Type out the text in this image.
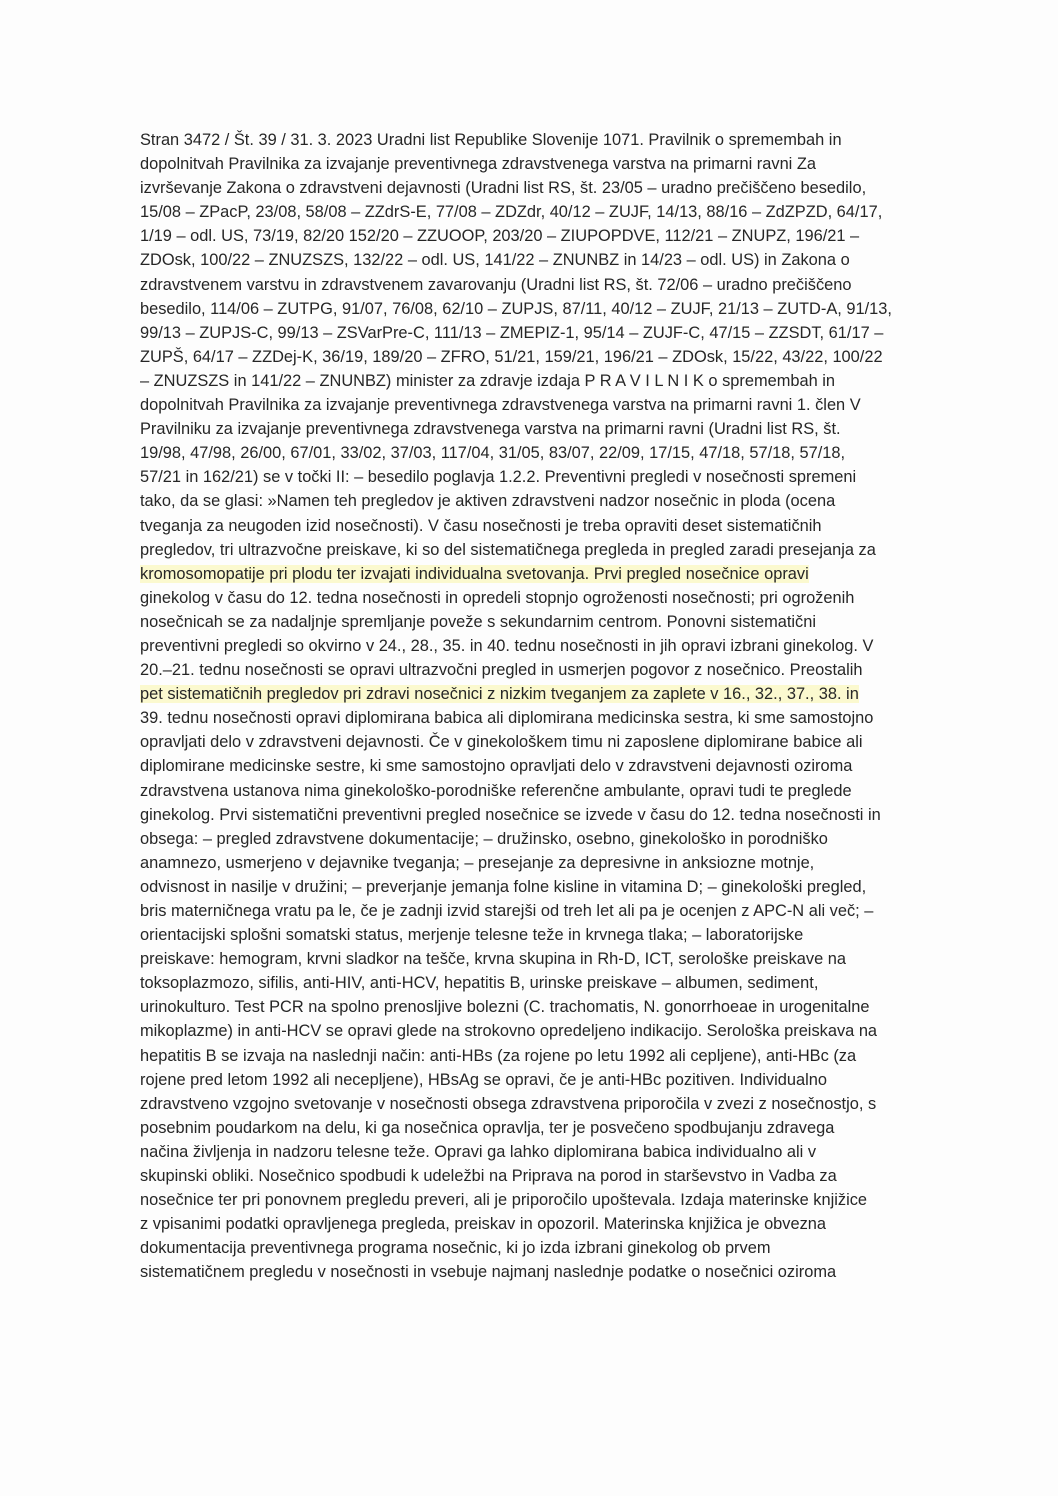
Stran 3472 / Št. 39 / 31. 3. 2023 Uradni list Republike Slovenije 1071. Pravilnik o spremembah in
dopolnitvah Pravilnika za izvajanje preventivnega zdravstvenega varstva na primarni ravni Za
izvrševanje Zakona o zdravstveni dejavnosti (Uradni list RS, št. 23/05 – uradno prečiščeno besedilo,
15/08 – ZPacP, 23/08, 58/08 – ZZdrS-E, 77/08 – ZDZdr, 40/12 – ZUJF, 14/13, 88/16 – ZdZPZD, 64/17,
1/19 – odl. US, 73/19, 82/20 152/20 – ZZUOOP, 203/20 – ZIUPOPDVE, 112/21 – ZNUPZ, 196/21 –
ZDOsk, 100/22 – ZNUZSZS, 132/22 – odl. US, 141/22 – ZNUNBZ in 14/23 – odl. US) in Zakona o
zdravstvenem varstvu in zdravstvenem zavarovanju (Uradni list RS, št. 72/06 – uradno prečiščeno
besedilo, 114/06 – ZUTPG, 91/07, 76/08, 62/10 – ZUPJS, 87/11, 40/12 – ZUJF, 21/13 – ZUTD-A, 91/13,
99/13 – ZUPJS-C, 99/13 – ZSVarPre-C, 111/13 – ZMEPIZ-1, 95/14 – ZUJF-C, 47/15 – ZZSDT, 61/17 –
ZUPŠ, 64/17 – ZZDej-K, 36/19, 189/20 – ZFRO, 51/21, 159/21, 196/21 – ZDOsk, 15/22, 43/22, 100/22
– ZNUZSZS in 141/22 – ZNUNBZ) minister za zdravje izdaja P R A V I L N I K o spremembah in
dopolnitvah Pravilnika za izvajanje preventivnega zdravstvenega varstva na primarni ravni 1. člen V
Pravilniku za izvajanje preventivnega zdravstvenega varstva na primarni ravni (Uradni list RS, št.
19/98, 47/98, 26/00, 67/01, 33/02, 37/03, 117/04, 31/05, 83/07, 22/09, 17/15, 47/18, 57/18, 57/18,
57/21 in 162/21) se v točki II: – besedilo poglavja 1.2.2. Preventivni pregledi v nosečnosti spremeni
tako, da se glasi: »Namen teh pregledov je aktiven zdravstveni nadzor nosečnic in ploda (ocena
tveganja za neugoden izid nosečnosti). V času nosečnosti je treba opraviti deset sistematičnih
pregledov, tri ultrazvočne preiskave, ki so del sistematičnega pregleda in pregled zaradi presejanja za
kromosomopatije pri plodu ter izvajati individualna svetovanja. Prvi pregled nosečnice opravi
ginekolog v času do 12. tedna nosečnosti in opredeli stopnjo ogroženosti nosečnosti; pri ogroženih
nosečnicah se za nadaljnje spremljanje poveže s sekundarnim centrom. Ponovni sistematični
preventivni pregledi so okvirno v 24., 28., 35. in 40. tednu nosečnosti in jih opravi izbrani ginekolog. V
20.–21. tednu nosečnosti se opravi ultrazvočni pregled in usmerjen pogovor z nosečnico. Preostalih
pet sistematičnih pregledov pri zdravi nosečnici z nizkim tveganjem za zaplete v 16., 32., 37., 38. in
39. tednu nosečnosti opravi diplomirana babica ali diplomirana medicinska sestra, ki sme samostojno
opravljati delo v zdravstveni dejavnosti. Če v ginekološkem timu ni zaposlene diplomirane babice ali
diplomirane medicinske sestre, ki sme samostojno opravljati delo v zdravstveni dejavnosti oziroma
zdravstvena ustanova nima ginekološko-porodniške referenčne ambulante, opravi tudi te preglede
ginekolog. Prvi sistematični preventivni pregled nosečnice se izvede v času do 12. tedna nosečnosti in
obsega: – pregled zdravstvene dokumentacije; – družinsko, osebno, ginekološko in porodniško
anamnezo, usmerjeno v dejavnike tveganja; – presejanje za depresivne in anksiozne motnje,
odvisnost in nasilje v družini; – preverjanje jemanja folne kisline in vitamina D; – ginekološki pregled,
bris materničnega vratu pa le, če je zadnji izvid starejši od treh let ali pa je ocenjen z APC-N ali več; –
orientacijski splošni somatski status, merjenje telesne teže in krvnega tlaka; – laboratorijske
preiskave: hemogram, krvni sladkor na tešče, krvna skupina in Rh-D, ICT, serološke preiskave na
toksoplazmozo, sifilis, anti-HIV, anti-HCV, hepatitis B, urinske preiskave – albumen, sediment,
urinokulturo. Test PCR na spolno prenosljive bolezni (C. trachomatis, N. gonorrhoeae in urogenitalne
mikoplazme) in anti-HCV se opravi glede na strokovno opredeljeno indikacijo. Serološka preiskava na
hepatitis B se izvaja na naslednji način: anti-HBs (za rojene po letu 1992 ali cepljene), anti-HBc (za
rojene pred letom 1992 ali necepljene), HBsAg se opravi, če je anti-HBc pozitiven. Individualno
zdravstveno vzgojno svetovanje v nosečnosti obsega zdravstvena priporočila v zvezi z nosečnostjo, s
posebnim poudarkom na delu, ki ga nosečnica opravlja, ter je posvečeno spodbujanju zdravega
načina življenja in nadzoru telesne teže. Opravi ga lahko diplomirana babica individualno ali v
skupinski obliki. Nosečnico spodbudi k udeležbi na Priprava na porod in starševstvo in Vadba za
nosečnice ter pri ponovnem pregledu preveri, ali je priporočilo upoštevala. Izdaja materinske knjižice
z vpisanimi podatki opravljenega pregleda, preiskav in opozoril. Materinska knjižica je obvezna
dokumentacija preventivnega programa nosečnic, ki jo izda izbrani ginekolog ob prvem
sistematičnem pregledu v nosečnosti in vsebuje najmanj naslednje podatke o nosečnici oziroma
